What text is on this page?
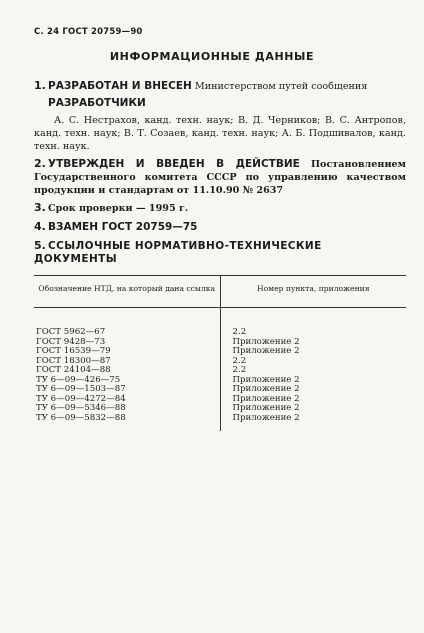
С. 24 ГОСТ 20759—90
ИНФОРМАЦИОННЫЕ ДАННЫЕ
1. РАЗРАБОТАН И ВНЕСЕН Министерством путей сообщения
РАЗРАБОТЧИКИ
А. С. Нестрахов, канд. техн. наук; В. Д. Черников; В. С. Антропов, канд. техн. наук; В. Т. Созаев, канд. техн. наук; А. Б. Подшивалов, канд. техн. наук.
2. УТВЕРЖДЕН И ВВЕДЕН В ДЕЙСТВИЕ Постановлением Государственного комитета СССР по управлению качеством продукции и стандартам от 11.10.90 № 2637
3. Срок проверки — 1995 г.
4. ВЗАМЕН ГОСТ 20759—75
5. ССЫЛОЧНЫЕ НОРМАТИВНО-ТЕХНИЧЕСКИЕ ДОКУМЕНТЫ
Обозначение НТД, на который дана ссылка	Номер пункта, приложения
ГОСТ 5962—67	2.2
ГОСТ 9428—73	Приложение 2
ГОСТ 16539—79	Приложение 2
ГОСТ 18300—87	2.2
ГОСТ 24104—88	2.2
ТУ 6—09—426—75	Приложение 2
ТУ 6—09—1503—87	Приложение 2
ТУ 6—09—4272—84	Приложение 2
ТУ 6—09—5346—88	Приложение 2
ТУ 6—09—5832—88	Приложение 2
